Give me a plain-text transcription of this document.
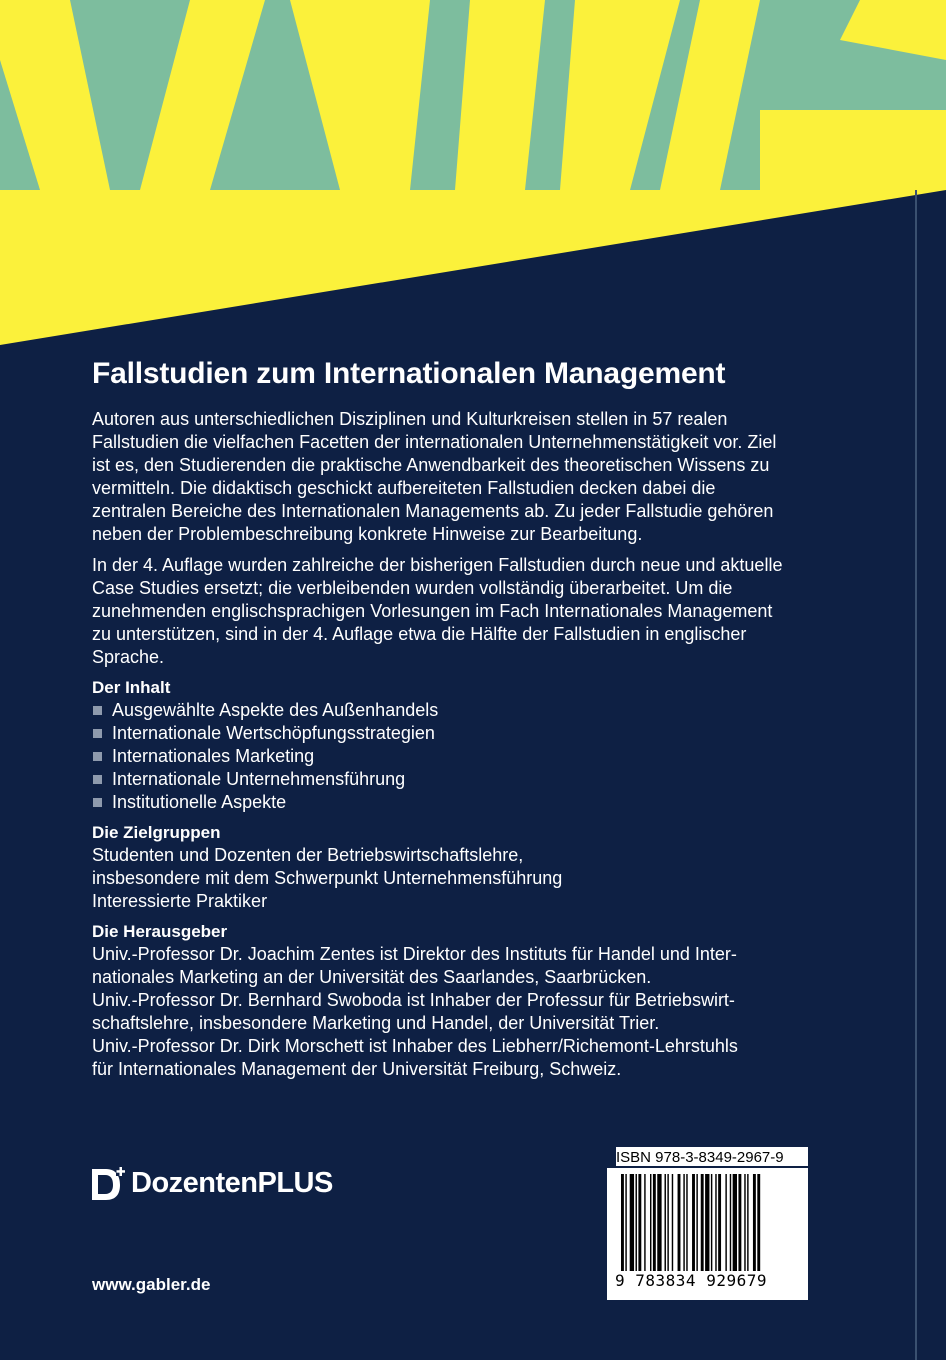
Fallstudien zum Internationalen Management

Autoren aus unterschiedlichen Disziplinen und Kulturkreisen stellen in 57 realen Fallstudien die vielfachen Facetten der internationalen Unternehmenstätigkeit vor. Ziel ist es, den Studierenden die praktische Anwendbarkeit des theoretischen Wissens zu vermitteln. Die didaktisch geschickt aufbereiteten Fallstudien decken dabei die zentralen Bereiche des Internationalen Managements ab. Zu jeder Fallstudie gehören neben der Problembeschreibung konkrete Hinweise zur Bearbeitung.

In der 4. Auflage wurden zahlreiche der bisherigen Fallstudien durch neue und aktuelle Case Studies ersetzt; die verbleibenden wurden vollständig überarbeitet. Um die zunehmenden englischsprachigen Vorlesungen im Fach Internationales Management zu unterstützen, sind in der 4. Auflage etwa die Hälfte der Fallstudien in englischer Sprache.

Der Inhalt
Ausgewählte Aspekte des Außenhandels
Internationale Wertschöpfungsstrategien
Internationales Marketing
Internationale Unternehmensführung
Institutionelle Aspekte
Die Zielgruppen
Studenten und Dozenten der Betriebswirtschaftslehre,
insbesondere mit dem Schwerpunkt Unternehmensführung
Interessierte Praktiker
Die Herausgeber
Univ.-Professor Dr. Joachim Zentes ist Direktor des Instituts für Handel und Inter-
nationales Marketing an der Universität des Saarlandes, Saarbrücken.
Univ.-Professor Dr. Bernhard Swoboda ist Inhaber der Professur für Betriebswirt-
schaftslehre, insbesondere Marketing und Handel, der Universität Trier.
Univ.-Professor Dr. Dirk Morschett ist Inhaber des Liebherr/Richemont-Lehrstuhls
für Internationales Management der Universität Freiburg, Schweiz.
DozentenPLUS
ISBN 978-3-8349-2967-9
9 783834 929679
www.gabler.de
